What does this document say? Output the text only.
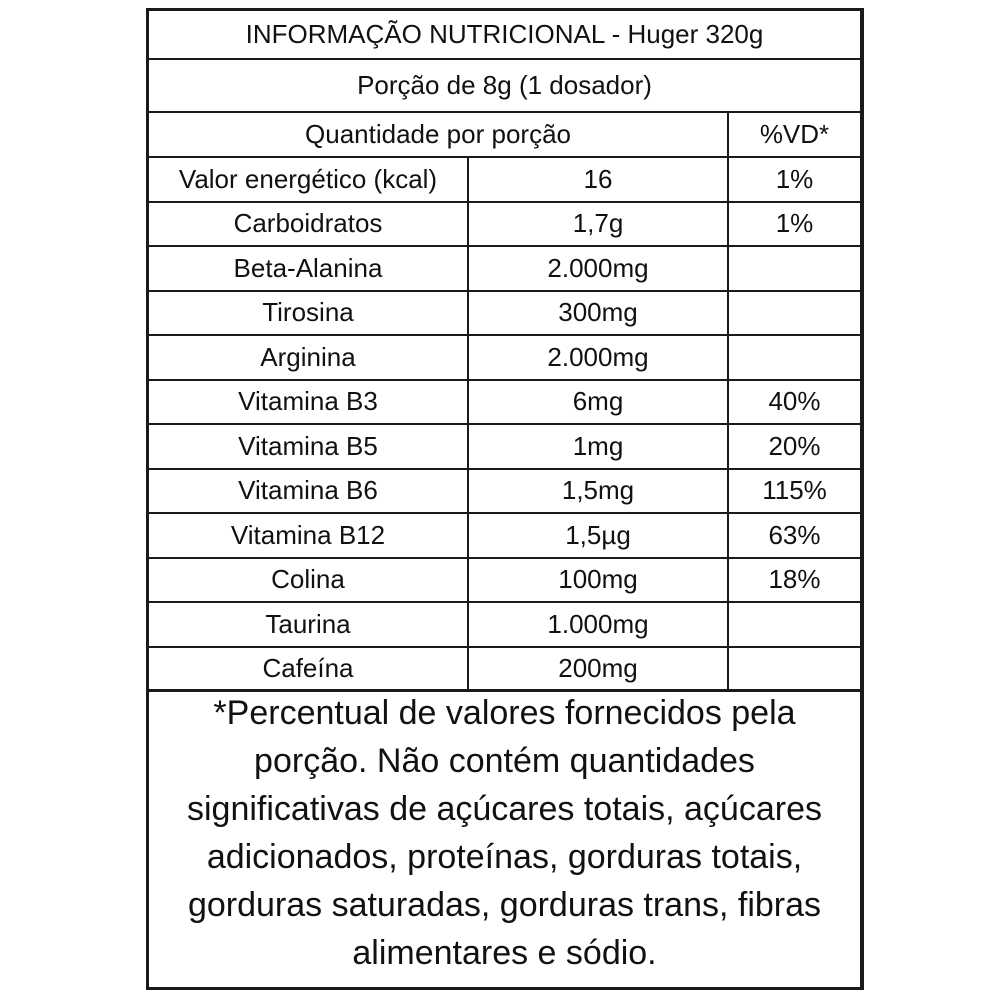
INFORMAÇÃO NUTRICIONAL - Huger 320g
Porção de 8g (1 dosador)
Quantidade por porção	%VD*
Valor energético (kcal)	16	1%
Carboidratos	1,7g	1%
Beta-Alanina	2.000mg
Tirosina	300mg
Arginina	2.000mg
Vitamina B3	6mg	40%
Vitamina B5	1mg	20%
Vitamina B6	1,5mg	115%
Vitamina B12	1,5µg	63%
Colina	100mg	18%
Taurina	1.000mg
Cafeína	200mg
*Percentual de valores fornecidos pela porção. Não contém quantidades significativas de açúcares totais, açúcares adicionados, proteínas, gorduras totais, gorduras saturadas, gorduras trans, fibras alimentares e sódio.
